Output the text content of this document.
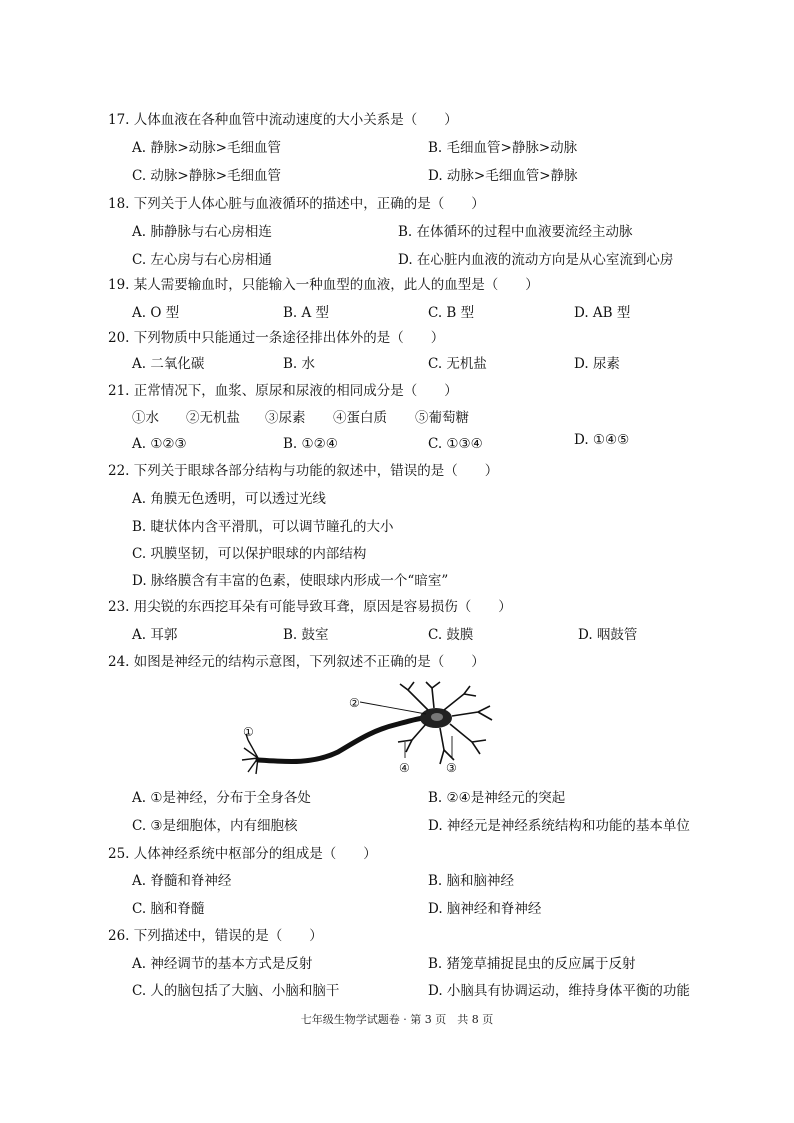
17. 人体血液在各种血管中流动速度的大小关系是（　　）
A. 静脉>动脉>毛细血管	B. 毛细血管>静脉>动脉
C. 动脉>静脉>毛细血管	D. 动脉>毛细血管>静脉
18. 下列关于人体心脏与血液循环的描述中，正确的是（　　）
A. 肺静脉与右心房相连	B. 在体循环的过程中血液要流经主动脉
C. 左心房与右心房相通	D. 在心脏内血液的流动方向是从心室流到心房
19. 某人需要输血时，只能输入一种血型的血液，此人的血型是（　　）
A. O 型	B. A 型	C. B 型	D. AB 型
20. 下列物质中只能通过一条途径排出体外的是（　　）
A. 二氧化碳	B. 水	C. 无机盐	D. 尿素
21. 正常情况下，血浆、原尿和尿液的相同成分是（　　）
①水 ②无机盐 ③尿素 ④蛋白质 ⑤葡萄糖
A. ①②③	B. ①②④	C. ①③④	D. ①④⑤
22. 下列关于眼球各部分结构与功能的叙述中，错误的是（　　）
A. 角膜无色透明，可以透过光线
B. 睫状体内含平滑肌，可以调节瞳孔的大小
C. 巩膜坚韧，可以保护眼球的内部结构
D. 脉络膜含有丰富的色素，使眼球内形成一个“暗室”
23. 用尖锐的东西挖耳朵有可能导致耳聋，原因是容易损伤（　　）
A. 耳郭	B. 鼓室	C. 鼓膜	D. 咽鼓管
24. 如图是神经元的结构示意图，下列叙述不正确的是（　　）
①
②
③
④
A. ①是神经，分布于全身各处	B. ②④是神经元的突起
C. ③是细胞体，内有细胞核	D. 神经元是神经系统结构和功能的基本单位
25. 人体神经系统中枢部分的组成是（　　）
A. 脊髓和脊神经	B. 脑和脑神经
C. 脑和脊髓	D. 脑神经和脊神经
26. 下列描述中，错误的是（　　）
A. 神经调节的基本方式是反射	B. 猪笼草捕捉昆虫的反应属于反射
C. 人的脑包括了大脑、小脑和脑干	D. 小脑具有协调运动，维持身体平衡的功能
七年级生物学试题卷 · 第 3 页　共 8 页
